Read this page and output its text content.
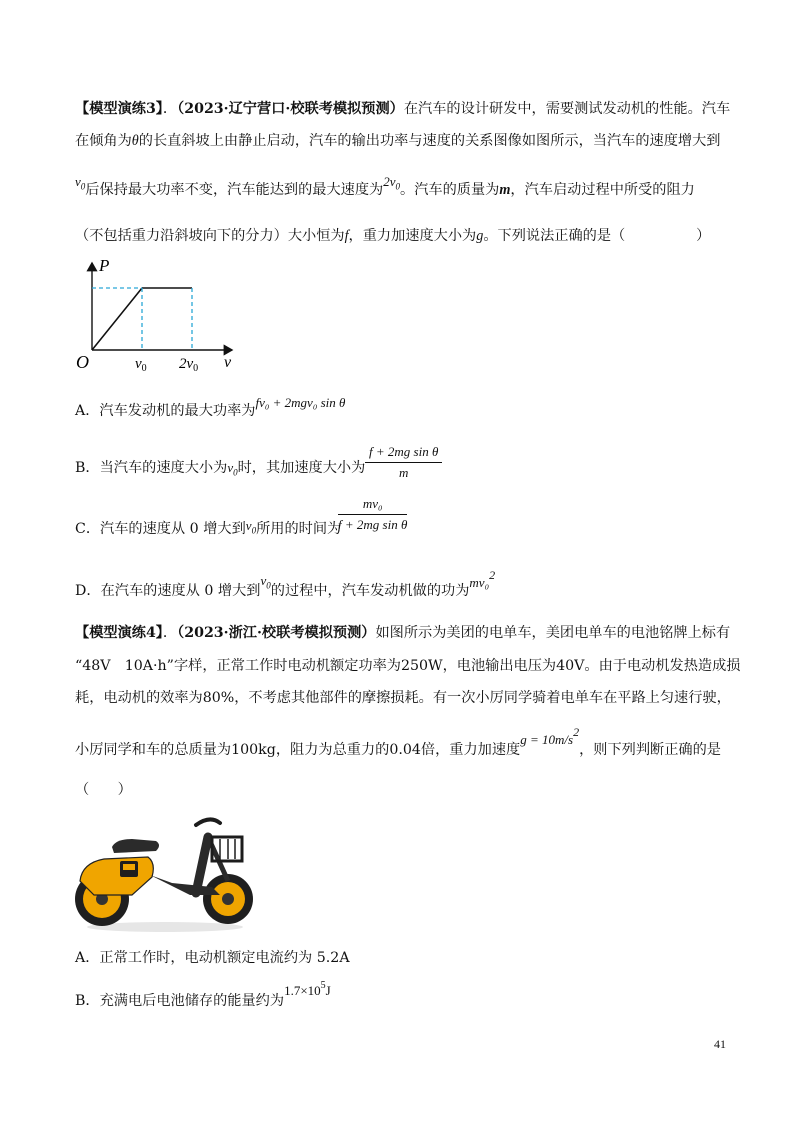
【模型演练3】．（2023·辽宁营口·校联考模拟预测）在汽车的设计研发中，需要测试发动机的性能。汽车
在倾角为θ的长直斜坡上由静止启动，汽车的输出功率与速度的关系图像如图所示，当汽车的速度增大到
$v_0$后保持最大功率不变，汽车能达到的最大速度为$2v_0$。汽车的质量为m，汽车启动过程中所受的阻力
（不包括重力沿斜坡向下的分力）大小恒为f，重力加速度大小为g。下列说法正确的是（　　　　　）
P
v
O	$v_0$ $2v_0$
A．汽车发动机的最大功率为fv₀ + 2mgv₀ sin θ
B．当汽车的速度大小为$v_0$时，其加速度大小为 $\frac{\text{f + 2mg sin θ}}{m}$
C．汽车的速度从 0 增大到$v_0$所用的时间为
$\frac{\text{mv₀}}{\text{f + 2mg sin θ}}$
D．在汽车的速度从 0 增大到$v_0$的过程中，汽车发动机做的功为mv₀2
【模型演练4】．（2023·浙江·校联考模拟预测）如图所示为美团的电单车，美团电单车的电池铭牌上标有
“48V　10A·h”字样，正常工作时电动机额定功率为250W，电池输出电压为40V。由于电动机发热造成损
耗，电动机的效率为80%，不考虑其他部件的摩擦损耗。有一次小厉同学骑着电单车在平路上匀速行驶，
小厉同学和车的总质量为100kg，阻力为总重力的0.04倍，重力加速度g = 10m/s2，则下列判断正确的是
（　　）
A．正常工作时，电动机额定电流约为 5.2A
B．充满电后电池储存的能量约为$1.7\times 10^5J$
41
